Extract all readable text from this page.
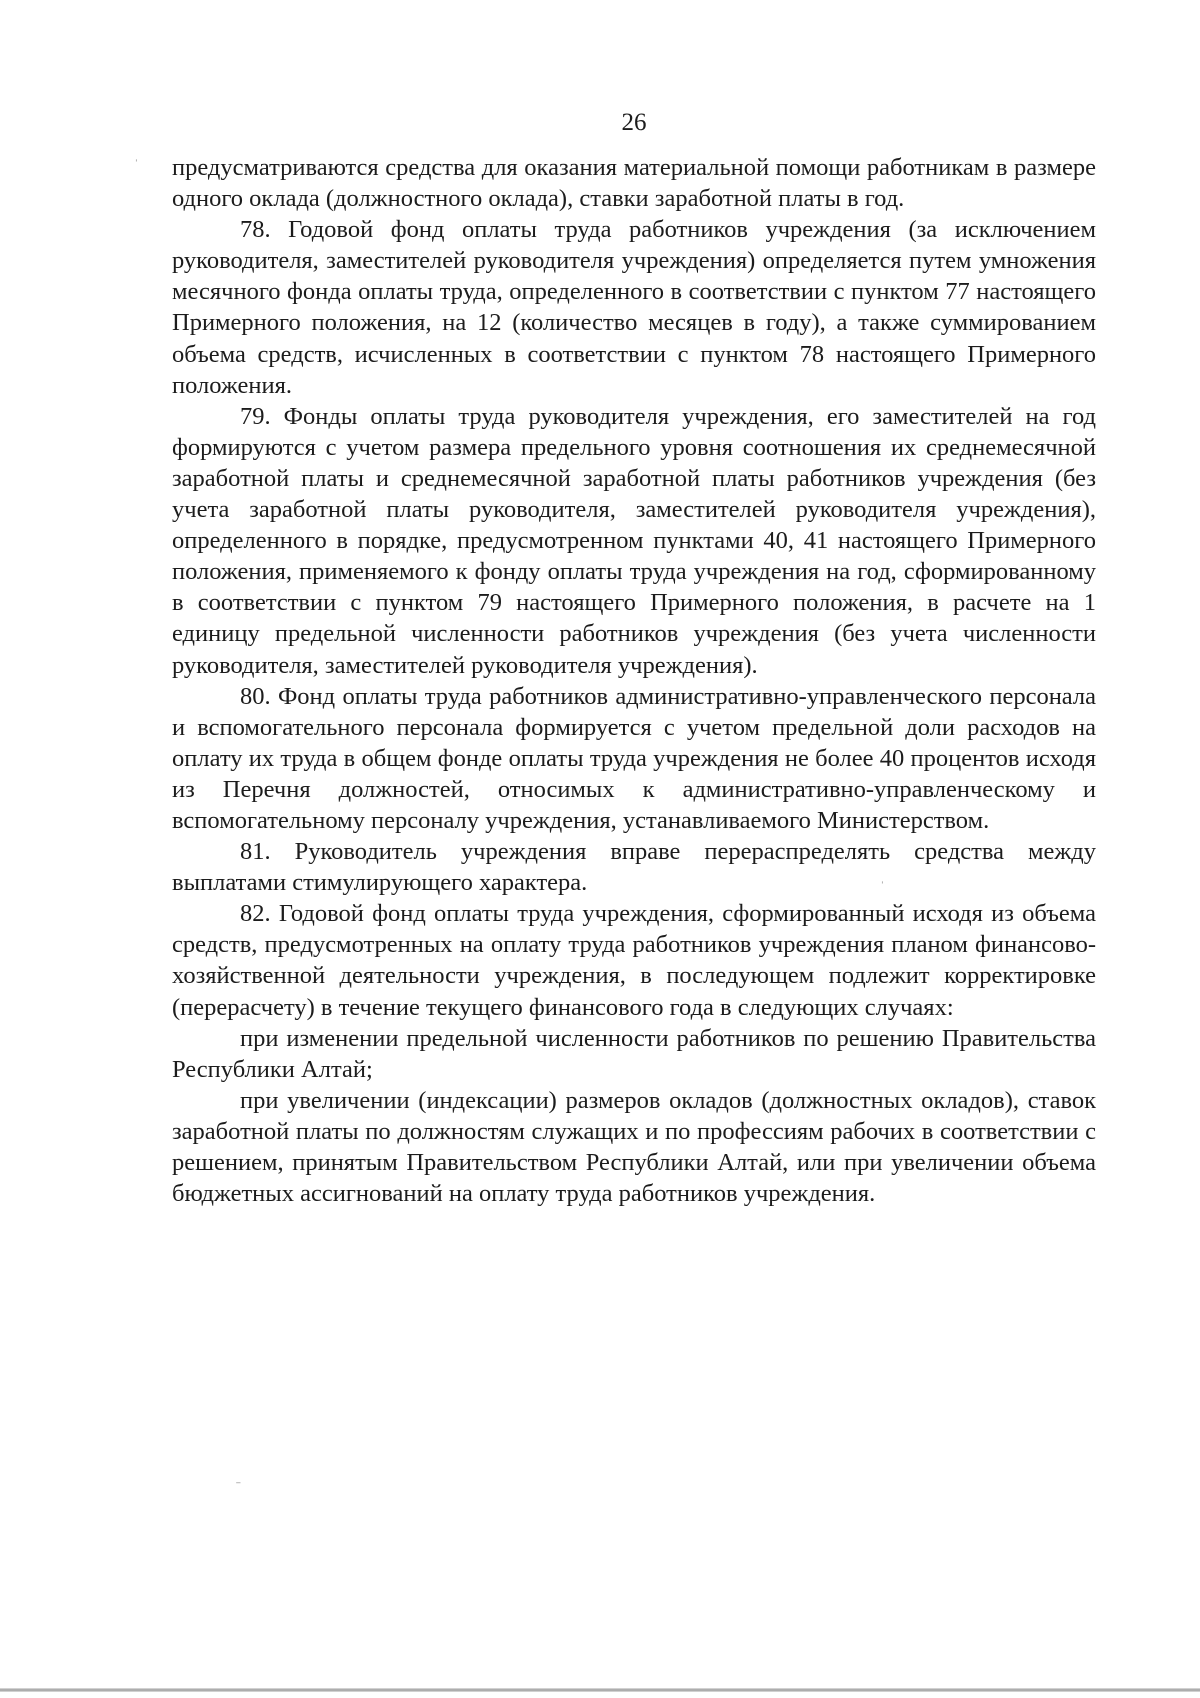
26

предусматриваются средства для оказания материальной помощи работникам в размере одного оклада (должностного оклада), ставки заработной платы в год.

78. Годовой фонд оплаты труда работников учреждения (за исключением руководителя, заместителей руководителя учреждения) определяется путем умножения месячного фонда оплаты труда, определенного в соответствии с пунктом 77 настоящего Примерного положения, на 12 (количество месяцев в году), а также суммированием объема средств, исчисленных в соответствии с пунктом 78 настоящего Примерного положения.

79. Фонды оплаты труда руководителя учреждения, его заместителей на год формируются с учетом размера предельного уровня соотношения их среднемесячной заработной платы и среднемесячной заработной платы работников учреждения (без учета заработной платы руководителя, заместителей руководителя учреждения), определенного в порядке, предусмотренном пунктами 40, 41 настоящего Примерного положения, применяемого к фонду оплаты труда учреждения на год, сформированному в соответствии с пунктом 79 настоящего Примерного положения, в расчете на 1 единицу предельной численности работников учреждения (без учета численности руководителя, заместителей руководителя учреждения).

80. Фонд оплаты труда работников административно-управленческого персонала и вспомогательного персонала формируется с учетом предельной доли расходов на оплату их труда в общем фонде оплаты труда учреждения не более 40 процентов исходя из Перечня должностей, относимых к административно-управленческому и вспомогательному персоналу учреждения, устанавливаемого Министерством.

81. Руководитель учреждения вправе перераспределять средства между выплатами стимулирующего характера.

82. Годовой фонд оплаты труда учреждения, сформированный исходя из объема средств, предусмотренных на оплату труда работников учреждения планом финансово-хозяйственной деятельности учреждения, в последующем подлежит корректировке (перерасчету) в течение текущего финансового года в следующих случаях:

при изменении предельной численности работников по решению Правительства Республики Алтай;

при увеличении (индексации) размеров окладов (должностных окладов), ставок заработной платы по должностям служащих и по профессиям рабочих в соответствии с решением, принятым Правительством Республики Алтай, или при увеличении объема бюджетных ассигнований на оплату труда работников учреждения.

ˈ
ˈ
ˉ
